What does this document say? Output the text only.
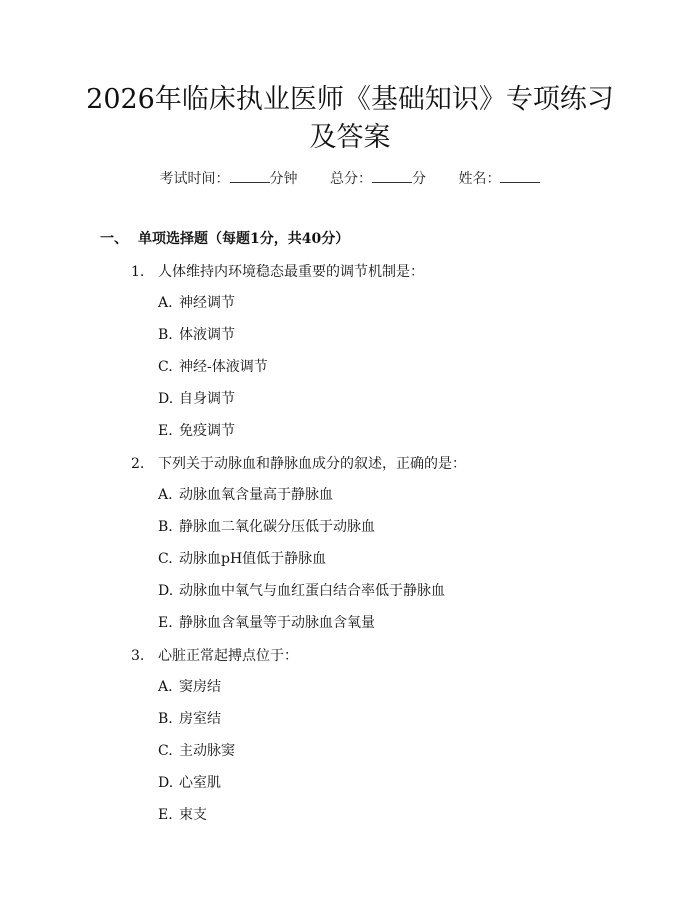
2026年临床执业医师《基础知识》专项练习
及答案
考试时间：	分钟 总分：	分 姓名：
一、 单项选择题（每题1分，共40分）
1. 人体维持内环境稳态最重要的调节机制是：
A. 神经调节
B. 体液调节
C. 神经-体液调节
D. 自身调节
E. 免疫调节
2. 下列关于动脉血和静脉血成分的叙述，正确的是：
A. 动脉血氧含量高于静脉血
B. 静脉血二氧化碳分压低于动脉血
C. 动脉血pH值低于静脉血
D. 动脉血中氧气与血红蛋白结合率低于静脉血
E. 静脉血含氧量等于动脉血含氧量
3. 心脏正常起搏点位于：
A. 窦房结
B. 房室结
C. 主动脉窦
D. 心室肌
E. 束支
